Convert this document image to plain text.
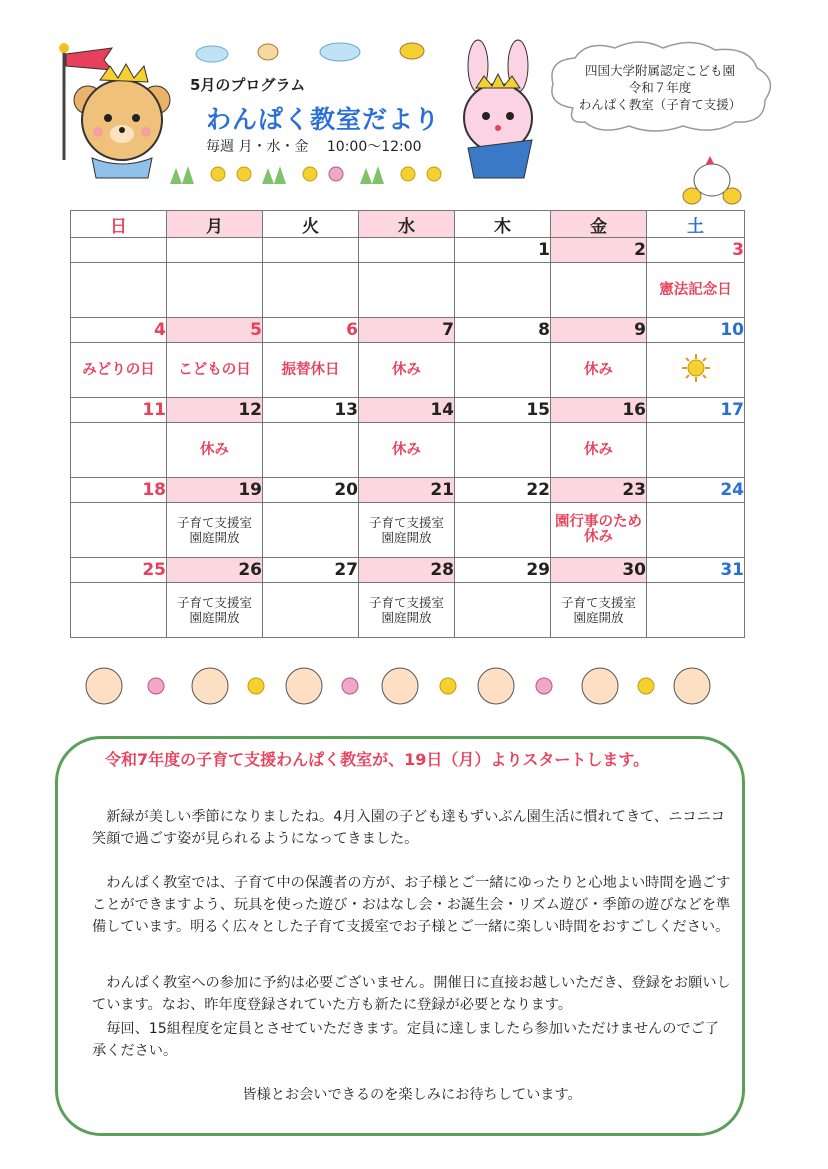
5月のプログラム
わんぱく教室だより
毎週 月・水・金　 10:00〜12:00
四国大学附属認定こども園
令和７年度
わんぱく教室（子育て支援）
日	月	火	水	木	金	土
				1	2	3

						憲法記念日

4	5	6	7	8	9	10

みどりの日	こどもの日	振替休日	休み		休み

11	12	13	14	15	16	17

	休み		休み		休み	

18	19	20	21	22	23	24

	子育て支援室
園庭開放		子育て支援室
園庭開放		園行事のため
休み	

25	26	27	28	29	30	31

	子育て支援室
園庭開放		子育て支援室
園庭開放		子育て支援室
園庭開放	

令和7年度の子育て支援わんぱく教室が、19日（月）よりスタートします。
新緑が美しい季節になりましたね。4月入園の子ども達もずいぶん園生活に慣れてきて、ニコニコ笑顔で過ごす姿が見られるようになってきました。
わんぱく教室では、子育て中の保護者の方が、お子様とご一緒にゆったりと心地よい時間を過ごすことができますよう、玩具を使った遊び・おはなし会・お誕生会・リズム遊び・季節の遊びなどを準備しています。明るく広々とした子育て支援室でお子様とご一緒に楽しい時間をおすごしください。
わんぱく教室への参加に予約は必要ございません。開催日に直接お越しいただき、登録をお願いしています。なお、昨年度登録されていた方も新たに登録が必要となります。
毎回、15組程度を定員とさせていただきます。定員に達しましたら参加いただけませんのでご了承ください。
皆様とお会いできるのを楽しみにお待ちしています。
